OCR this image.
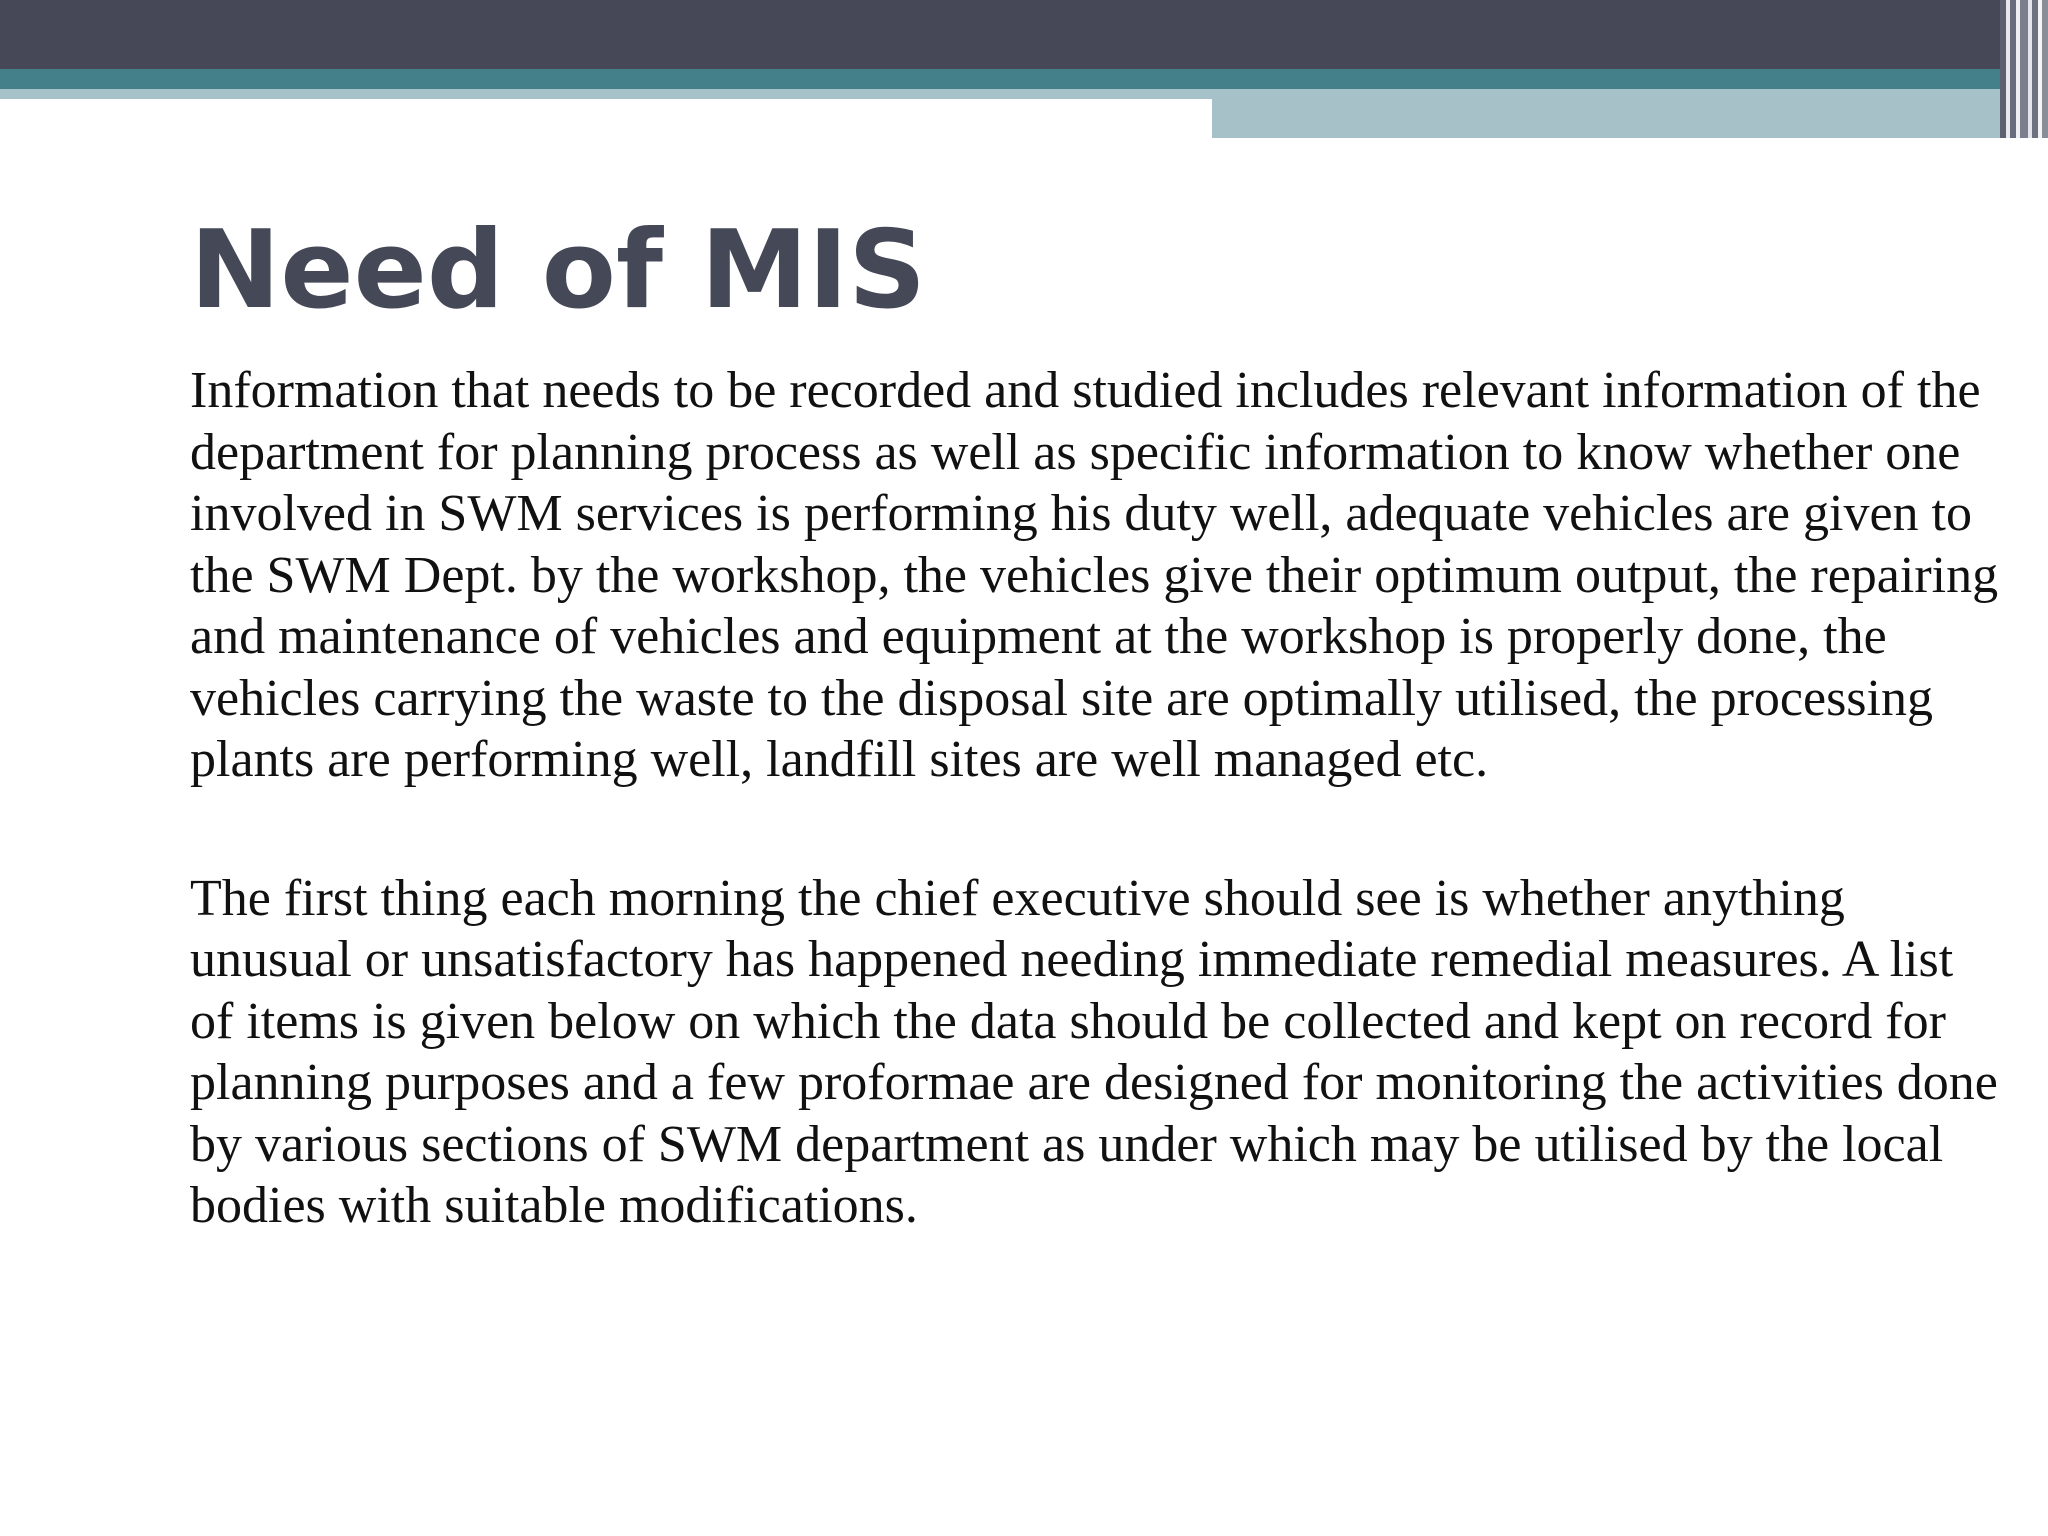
Need of MIS

Information that needs to be recorded and studied includes relevant information of the department for planning process as well as specific information to know whether one involved in SWM services is performing his duty well, adequate vehicles are given to the SWM Dept. by the workshop, the vehicles give their optimum output, the repairing and maintenance of vehicles and equipment at the workshop is properly done, the vehicles carrying the waste to the disposal site are optimally utilised, the processing plants are performing well, landfill sites are well managed etc.

The first thing each morning the chief executive should see is whether anything unusual or unsatisfactory has happened needing immediate remedial measures. A list of items is given below on which the data should be collected and kept on record for planning purposes and a few proformae are designed for monitoring the activities done by various sections of SWM department as under which may be utilised by the local bodies with suitable modifications.
